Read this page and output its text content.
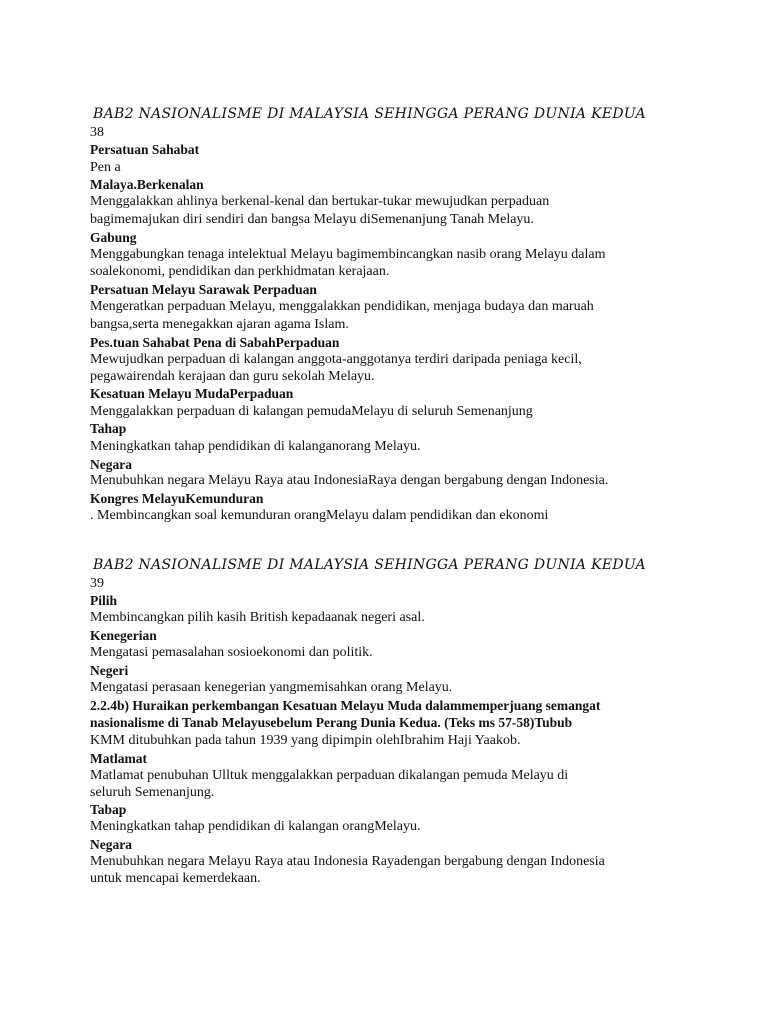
BAB2 NASIONALISME DI MALAYSIA SEHINGGA PERANG DUNIA KEDUA
38
Persatuan Sahabat
Pen a
Malaya.Berkenalan
Menggalakkan ahlinya berkenal-kenal dan bertukar-tukar mewujudkan perpaduan
bagimemajukan diri sendiri dan bangsa Melayu diSemenanjung Tanah Melayu.
Gabung
Menggabungkan tenaga intelektual Melayu bagimembincangkan nasib orang Melayu dalam
soalekonomi, pendidikan dan perkhidmatan kerajaan.
Persatuan Melayu Sarawak Perpaduan
Mengeratkan perpaduan Melayu, menggalakkan pendidikan, menjaga budaya dan maruah
bangsa,serta menegakkan ajaran agama Islam.
Pes.tuan Sahabat Pena di SabahPerpaduan
Mewujudkan perpaduan di kalangan anggota-anggotanya terdiri daripada peniaga kecil,
pegawairendah kerajaan dan guru sekolah Melayu.
Kesatuan Melayu MudaPerpaduan
Menggalakkan perpaduan di kalangan pemudaMelayu di seluruh Semenanjung
Tahap
Meningkatkan tahap pendidikan di kalanganorang Melayu.
Negara
Menubuhkan negara Melayu Raya atau IndonesiaRaya dengan bergabung dengan Indonesia.
Kongres MelayuKemunduran
. Membincangkan soal kemunduran orangMelayu dalam pendidikan dan ekonomi
BAB2 NASIONALISME DI MALAYSIA SEHINGGA PERANG DUNIA KEDUA
39
Pilih
Membincangkan pilih kasih British kepadaanak negeri asal.
Kenegerian
Mengatasi pemasalahan sosioekonomi dan politik.
Negeri
Mengatasi perasaan kenegerian yangmemisahkan orang Melayu.
2.2.4b) Huraikan perkembangan Kesatuan Melayu Muda dalammemperjuang semangat
nasionalisme di Tanab Melayusebelum Perang Dunia Kedua. (Teks ms 57-58)Tubub
KMM ditubuhkan pada tahun 1939 yang dipimpin olehIbrahim Haji Yaakob.
Matlamat
Matlamat penubuhan Ulltuk menggalakkan perpaduan dikalangan pemuda Melayu di
seluruh Semenanjung.
Tabap
Meningkatkan tahap pendidikan di kalangan orangMelayu.
Negara
Menubuhkan negara Melayu Raya atau Indonesia Rayadengan bergabung dengan Indonesia
untuk mencapai kemerdekaan.
